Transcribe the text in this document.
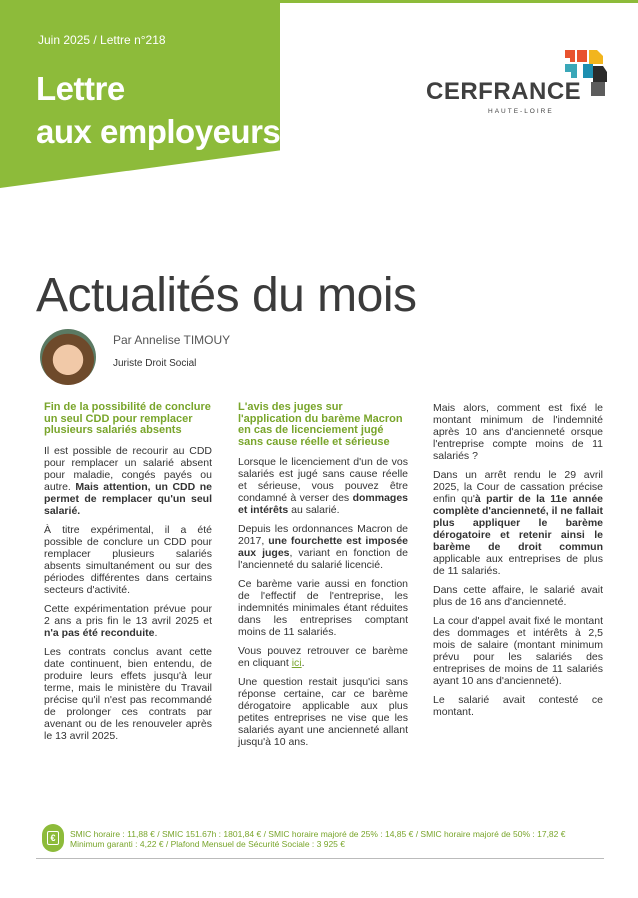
Juin 2025 / Lettre n°218
Lettre
aux employeurs
CERFRANCE
HAUTE-LOIRE
Actualités du mois
Par Annelise TIMOUY
Juriste Droit Social
Fin de la possibilité de conclure un seul CDD pour remplacer plusieurs salariés absents

Il est possible de recourir au CDD pour remplacer un salarié absent pour maladie, congés payés ou autre. Mais attention, un CDD ne permet de remplacer qu'un seul salarié.

À titre expérimental, il a été possible de conclure un CDD pour remplacer plusieurs salariés absents simultanément ou sur des périodes différentes dans certains secteurs d'activité.

Cette expérimentation prévue pour 2 ans a pris fin le 13 avril 2025 et n'a pas été reconduite.

Les contrats conclus avant cette date continuent, bien entendu, de produire leurs effets jusqu'à leur terme, mais le ministère du Travail précise qu'il n'est pas recommandé de prolonger ces contrats par avenant ou de les renouveler après le 13 avril 2025.

L'avis des juges sur l'application du barème Macron en cas de licenciement jugé sans cause réelle et sérieuse

Lorsque le licenciement d'un de vos salariés est jugé sans cause réelle et sérieuse, vous pouvez être condamné à verser des dommages et intérêts au salarié.

Depuis les ordonnances Macron de 2017, une fourchette est imposée aux juges, variant en fonction de l'ancienneté du salarié licencié.

Ce barème varie aussi en fonction de l'effectif de l'entreprise, les indemnités minimales étant réduites dans les entreprises comptant moins de 11 salariés.

Vous pouvez retrouver ce barème en cliquant ici.

Une question restait jusqu'ici sans réponse certaine, car ce barème dérogatoire applicable aux plus petites entreprises ne vise que les salariés ayant une ancienneté allant jusqu'à 10 ans.

Mais alors, comment est fixé le montant minimum de l'indemnité après 10 ans d'ancienneté orsque l'entreprise compte moins de 11 salariés ?

Dans un arrêt rendu le 29 avril 2025, la Cour de cassation précise enfin qu'à partir de la 11e année complète d'ancienneté, il ne fallait plus appliquer le barème dérogatoire et retenir ainsi le barème de droit commun applicable aux entreprises de plus de 11 salariés.

Dans cette affaire, le salarié avait plus de 16 ans d'ancienneté.

La cour d'appel avait fixé le montant des dommages et intérêts à 2,5 mois de salaire (montant minimum prévu pour les salariés des entreprises de moins de 11 salariés ayant 10 ans d'ancienneté).

Le salarié avait contesté ce montant.

€	SMIC horaire : 11,88 € / SMIC 151.67h : 1801,84 € / SMIC horaire majoré de 25% : 14,85 € / SMIC horaire majoré de 50% : 17,82 €
Minimum garanti : 4,22 € / Plafond Mensuel de Sécurité Sociale : 3 925 €
